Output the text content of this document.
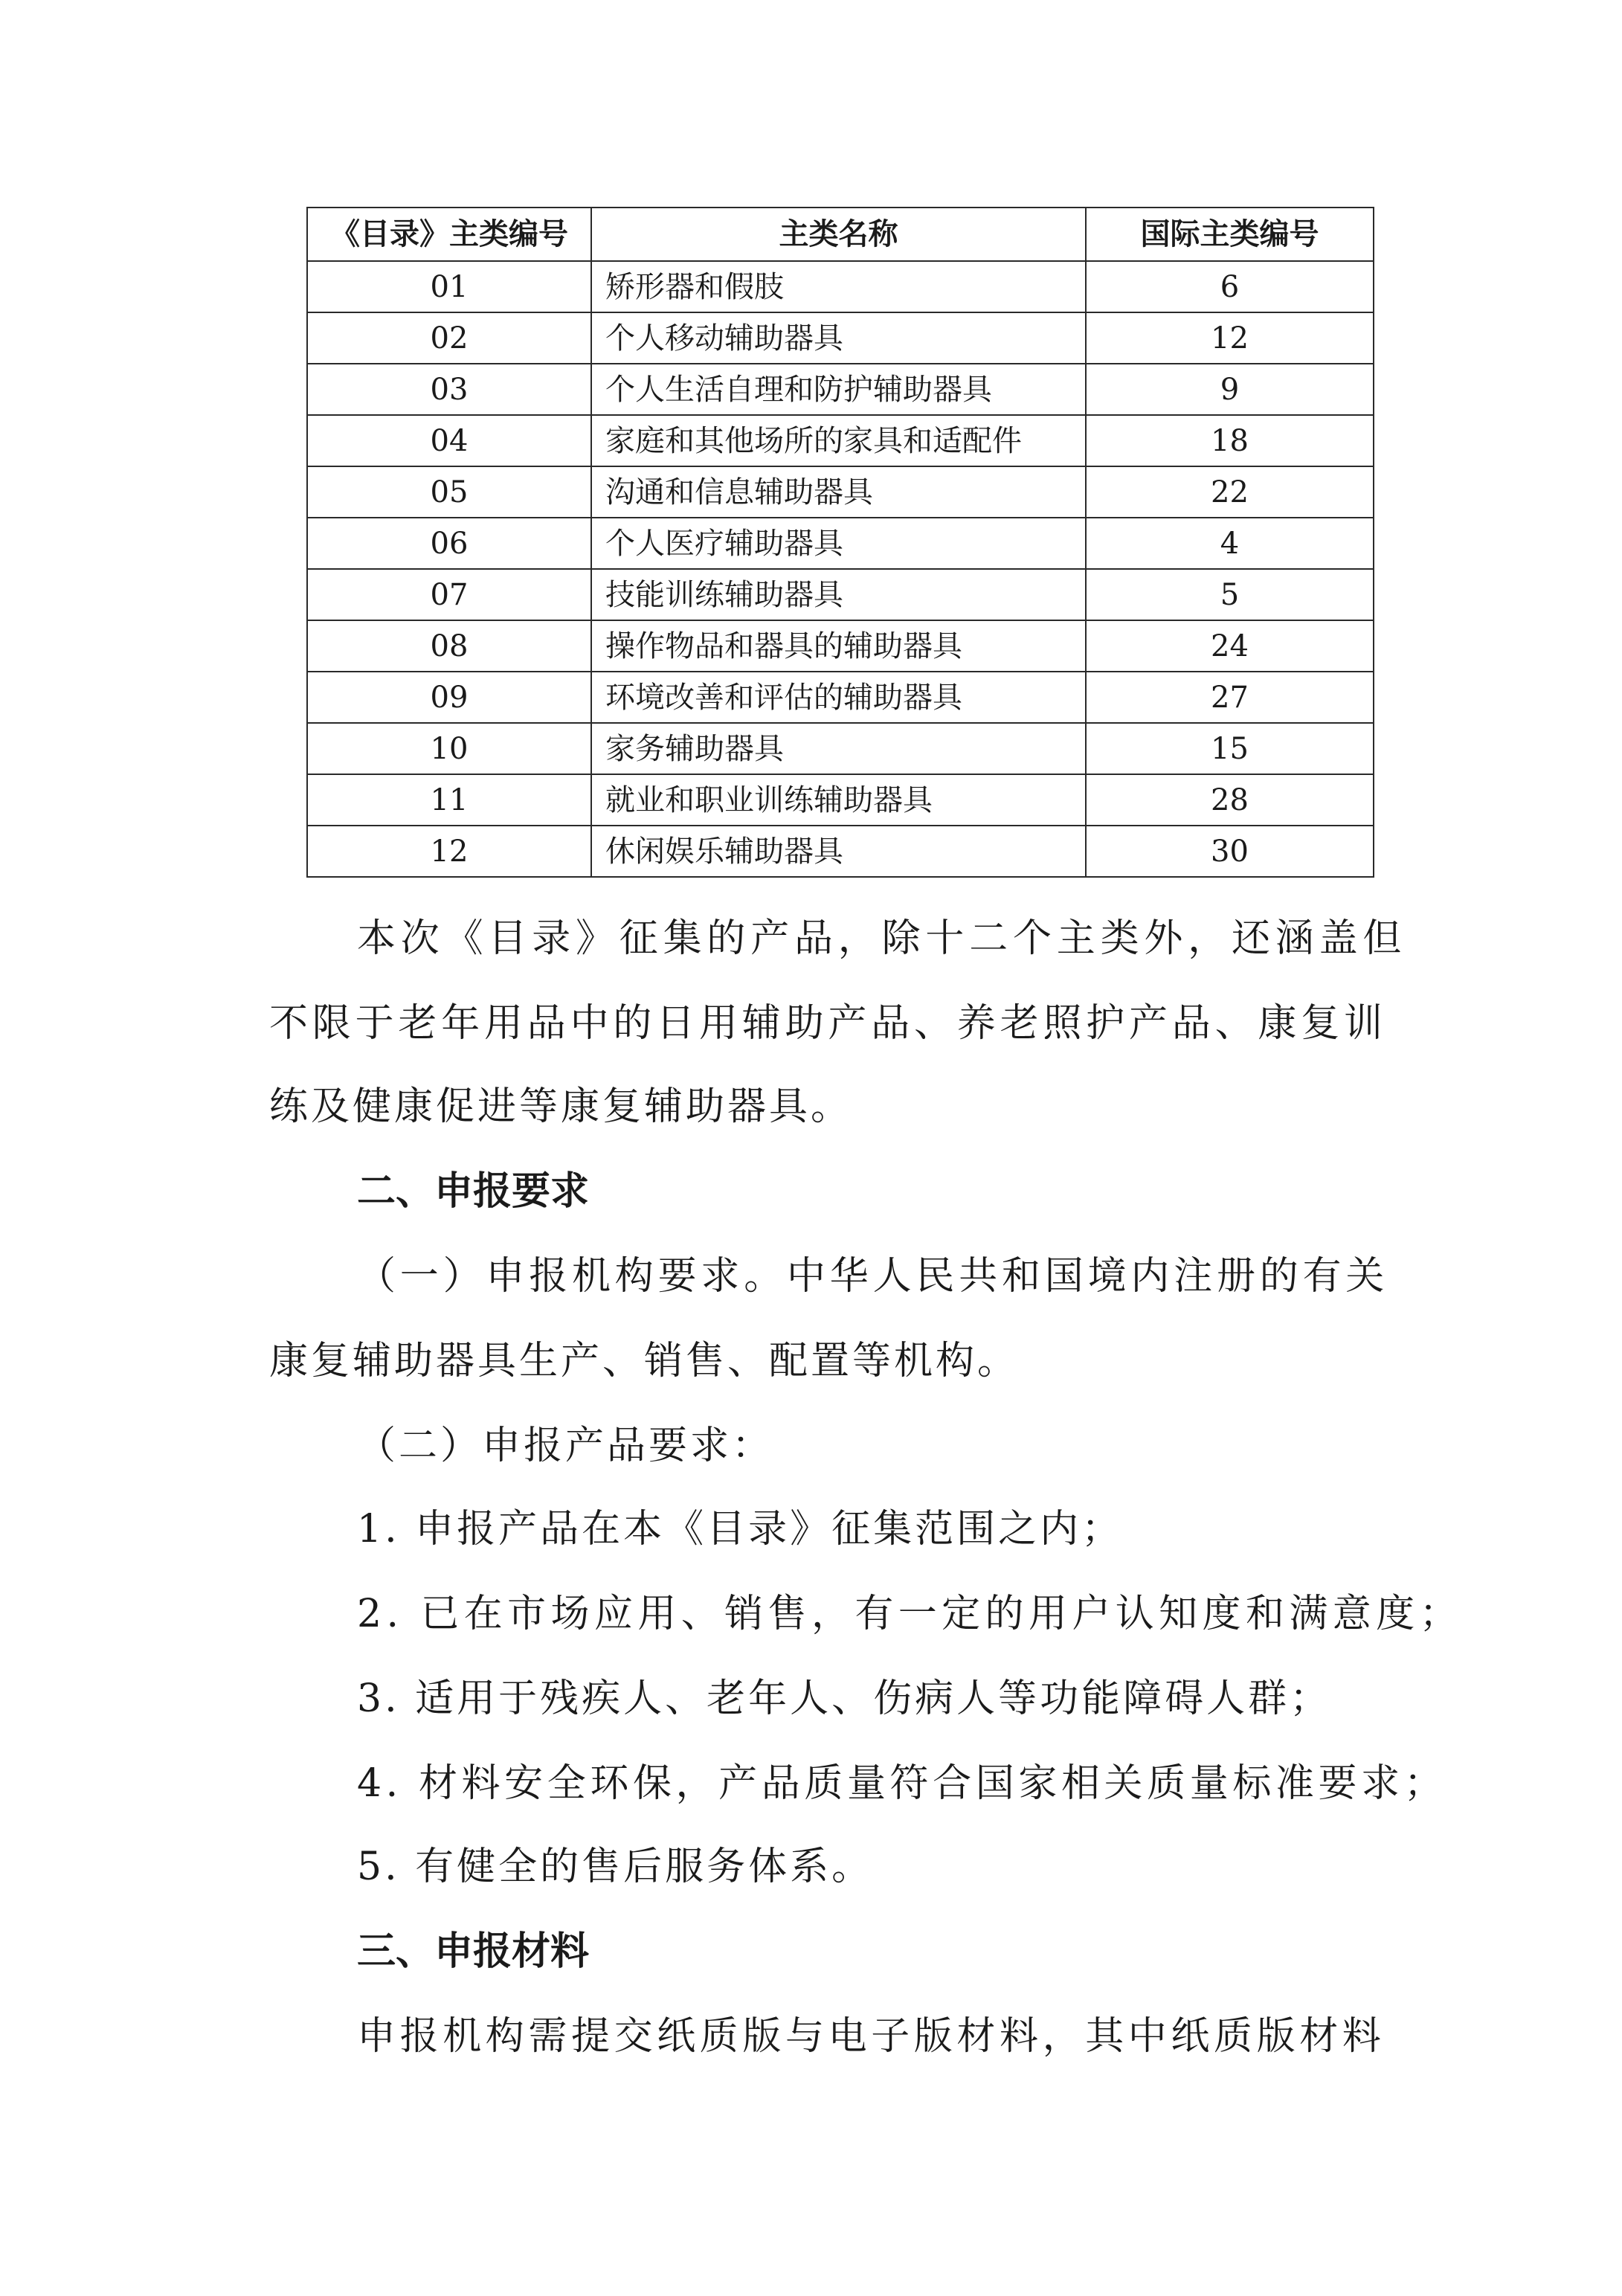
《目录》主类编号	主类名称	国际主类编号
01	矫形器和假肢	6
02	个人移动辅助器具	12
03	个人生活自理和防护辅助器具	9
04	家庭和其他场所的家具和适配件	18
05	沟通和信息辅助器具	22
06	个人医疗辅助器具	4
07	技能训练辅助器具	5
08	操作物品和器具的辅助器具	24
09	环境改善和评估的辅助器具	27
10	家务辅助器具	15
11	就业和职业训练辅助器具	28
12	休闲娱乐辅助器具	30

本次《目录》征集的产品，除十二个主类外，还涵盖但

不限于老年用品中的日用辅助产品、养老照护产品、康复训

练及健康促进等康复辅助器具。

二、申报要求

（一）申报机构要求。中华人民共和国境内注册的有关

康复辅助器具生产、销售、配置等机构。

（二）申报产品要求：

1. 申报产品在本《目录》征集范围之内；

2. 已在市场应用、销售，有一定的用户认知度和满意度；

3. 适用于残疾人、老年人、伤病人等功能障碍人群；

4. 材料安全环保，产品质量符合国家相关质量标准要求；

5. 有健全的售后服务体系。

三、申报材料

申报机构需提交纸质版与电子版材料，其中纸质版材料
